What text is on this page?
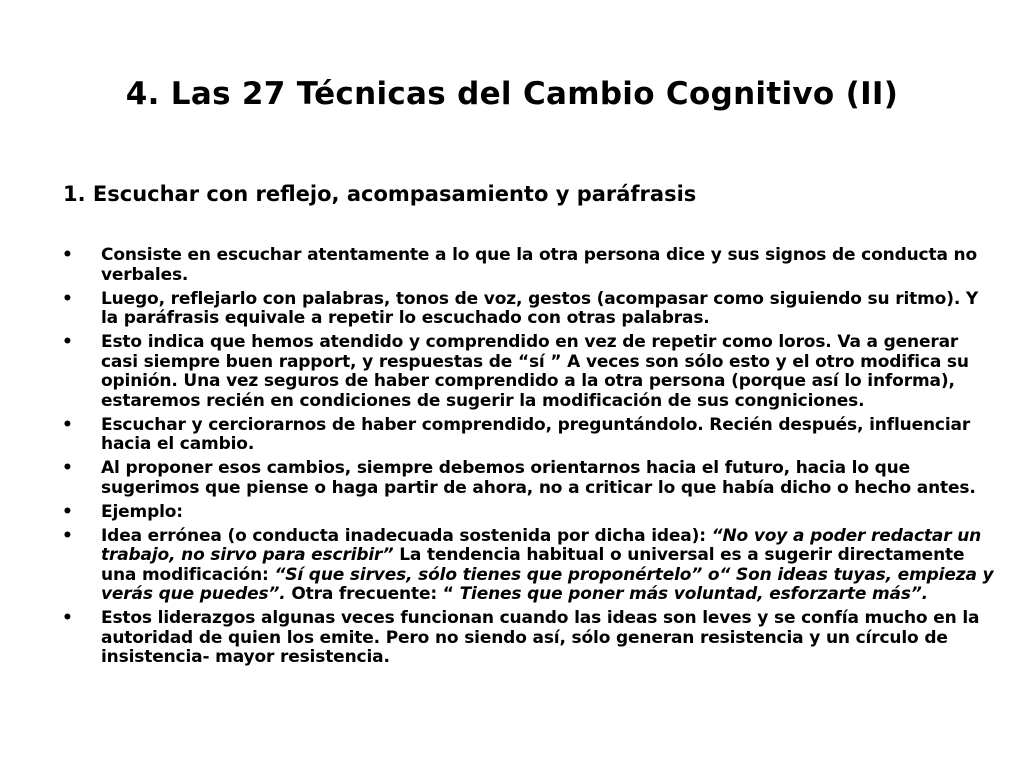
4. Las 27 Técnicas del Cambio Cognitivo (II)
1. Escuchar con reflejo, acompasamiento y paráfrasis
• Consiste en escuchar atentamente a lo que la otra persona dice y sus signos de conducta no verbales.
• Luego, reflejarlo con palabras, tonos de voz, gestos (acompasar como siguiendo su ritmo). Y la paráfrasis equivale a repetir lo escuchado con otras palabras.
• Esto indica que hemos atendido y comprendido en vez de repetir como loros. Va a generar casi siempre buen rapport, y respuestas de “sí ” A veces son sólo esto y el otro modifica su opinión. Una vez seguros de haber comprendido a la otra persona (porque así lo informa), estaremos recién en condiciones de sugerir la modificación de sus congniciones.
• Escuchar y cerciorarnos de haber comprendido, preguntándolo. Recién después, influenciar hacia el cambio.
• Al proponer esos cambios, siempre debemos orientarnos hacia el futuro, hacia lo que sugerimos que piense o haga partir de ahora, no a criticar lo que había dicho o hecho antes.
• Ejemplo:
• Idea errónea (o conducta inadecuada sostenida por dicha idea): “No voy a poder redactar un trabajo, no sirvo para escribir” La tendencia habitual o universal es a sugerir directamente una modificación: “Sí que sirves, sólo tienes que proponértelo” o“ Son ideas tuyas, empieza y verás que puedes”. Otra frecuente: “ Tienes que poner más voluntad, esforzarte más”.
• Estos liderazgos algunas veces funcionan cuando las ideas son leves y se confía mucho en la autoridad de quien los emite. Pero no siendo así, sólo generan resistencia y un círculo de insistencia- mayor resistencia.
